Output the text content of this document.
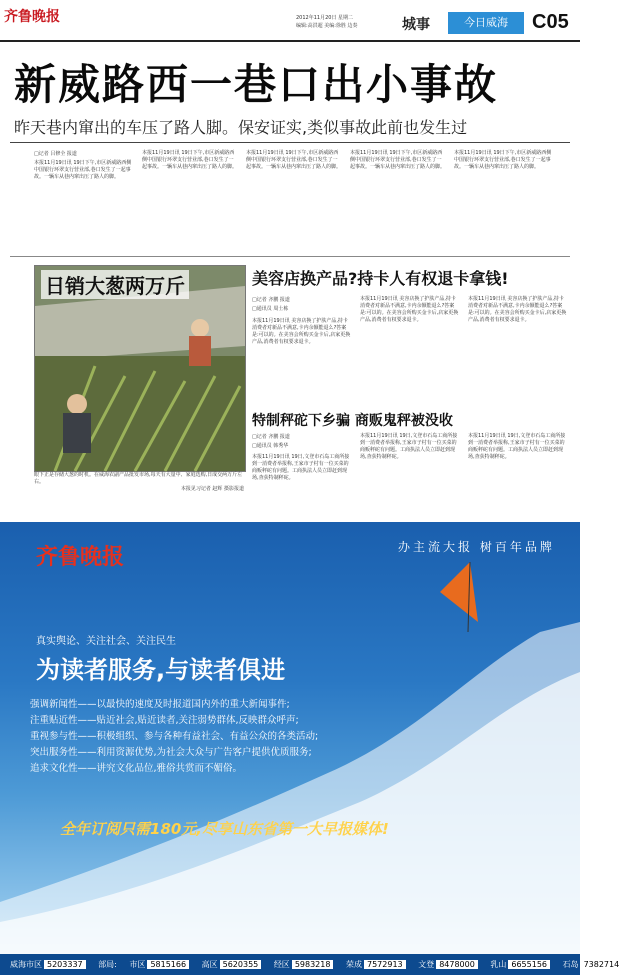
齐鲁晚报	2012年11月20日 星期二
编辑:高洪超 美编:徐胜 边奏	城事	今日威海	C05
新威路西一巷口出小事故
昨天巷内窜出的车压了路人脚。保安证实,类似事故此前也发生过
□记者 吕修全 报道
本报11月19日讯 19日下午,市区新威路西侧中国银行环翠支行营业部,巷口发生了一起事故。一辆车从巷内窜出压了路人的脚。
本报11月19日讯 19日下午,市区新威路西侧中国银行环翠支行营业部,巷口发生了一起事故。一辆车从巷内窜出压了路人的脚。
本报11月19日讯 19日下午,市区新威路西侧中国银行环翠支行营业部,巷口发生了一起事故。一辆车从巷内窜出压了路人的脚。
本报11月19日讯 19日下午,市区新威路西侧中国银行环翠支行营业部,巷口发生了一起事故。一辆车从巷内窜出压了路人的脚。
本报11月19日讯 19日下午,市区新威路西侧中国银行环翠支行营业部,巷口发生了一起事故。一辆车从巷内窜出压了路人的脚。
日销大葱两万斤
眼下正是存储大葱的时机。在威海农副产品批发市场,每天有大量中、家庭选购,日成交两万斤左右。
本报见习记者 赵辉 摄影报道
美容店换产品?持卡人有权退卡拿钱!
□记者 齐鹏 报道
□通讯员 周士栋
本报11月19日讯 美容店换了护肤产品,持卡消费者对新品不满意,卡内余额能退么?答案是:可以的。在美容会所购买金卡后,店家更换产品,消费者有权要求退卡。
本报11月19日讯 美容店换了护肤产品,持卡消费者对新品不满意,卡内余额能退么?答案是:可以的。在美容会所购买金卡后,店家更换产品,消费者有权要求退卡。
本报11月19日讯 美容店换了护肤产品,持卡消费者对新品不满意,卡内余额能退么?答案是:可以的。在美容会所购买金卡后,店家更换产品,消费者有权要求退卡。
特制秤砣下乡骗 商贩鬼秤被没收
□记者 齐鹏 报道
□通讯员 韩秀华
本报11月19日讯 19日,文登市石岛工商所接到一消费者举报称,王家市子村有一位买菜的商贩秤砣有问题。工商执法人员立即赶到现场,查获特制秤砣。
本报11月19日讯 19日,文登市石岛工商所接到一消费者举报称,王家市子村有一位买菜的商贩秤砣有问题。工商执法人员立即赶到现场,查获特制秤砣。
本报11月19日讯 19日,文登市石岛工商所接到一消费者举报称,王家市子村有一位买菜的商贩秤砣有问题。工商执法人员立即赶到现场,查获特制秤砣。
齐鲁晚报	办主流大报 树百年品牌
真实舆论、关注社会、关注民生
为读者服务,与读者俱进
强调新闻性——以最快的速度及时报道国内外的重大新闻事件;
注重贴近性——贴近社会,贴近读者,关注弱势群体,反映群众呼声;
重视参与性——积极组织、参与各种有益社会、有益公众的各类活动;
突出服务性——利用资源优势,为社会大众与广告客户提供优质服务;
追求文化性——讲究文化品位,雅俗共赏而不媚俗。
全年订阅只需180元,尽享山东省第一大早报媒体!
威海市区 5203337 部局: 市区 5815166 高区 5620355 经区 5983218 荣成 7572913 文登 8478000 乳山 6655156 石岛 7382714
